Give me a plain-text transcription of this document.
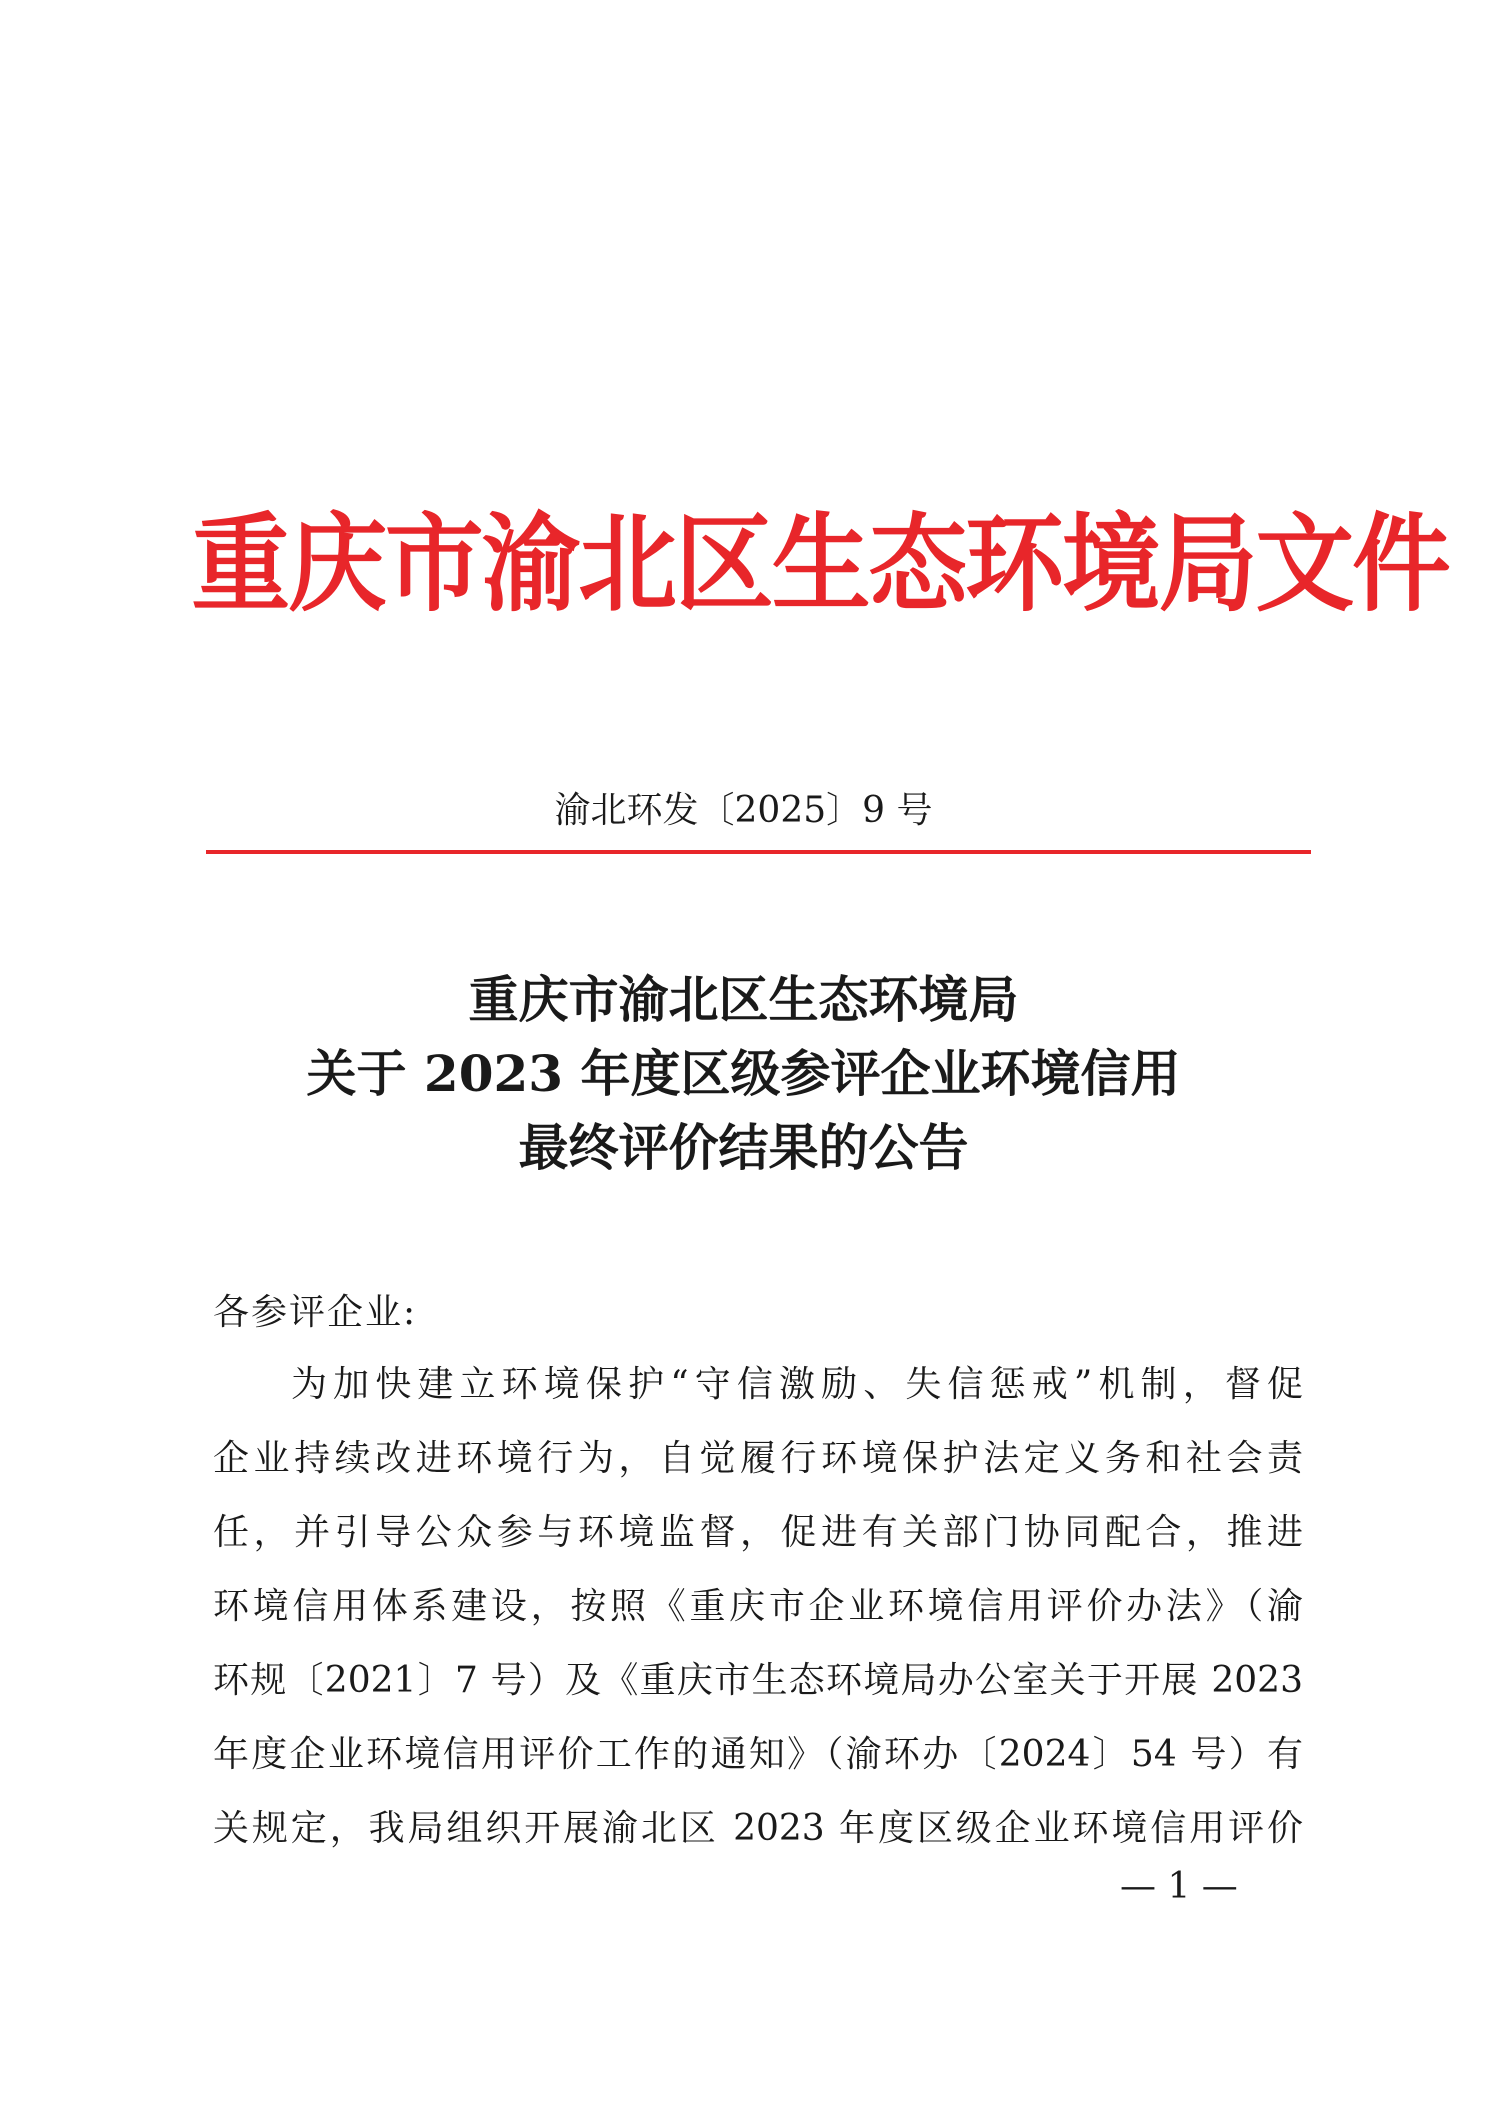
重庆市渝北区生态环境局文件
渝北环发〔2025〕9 号
重庆市渝北区生态环境局
关于 2023 年度区级参评企业环境信用
最终评价结果的公告
各参评企业:
为加快建立环境保护“守信激励、失信惩戒”机制，督促
企业持续改进环境行为，自觉履行环境保护法定义务和社会责
任，并引导公众参与环境监督，促进有关部门协同配合，推进
环境信用体系建设，按照《重庆市企业环境信用评价办法》（渝
环规〔2021〕7 号）及《重庆市生态环境局办公室关于开展 2023
年度企业环境信用评价工作的通知》（渝环办〔2024〕54 号）有
关规定，我局组织开展渝北区 2023 年度区级企业环境信用评价
— 1 —
